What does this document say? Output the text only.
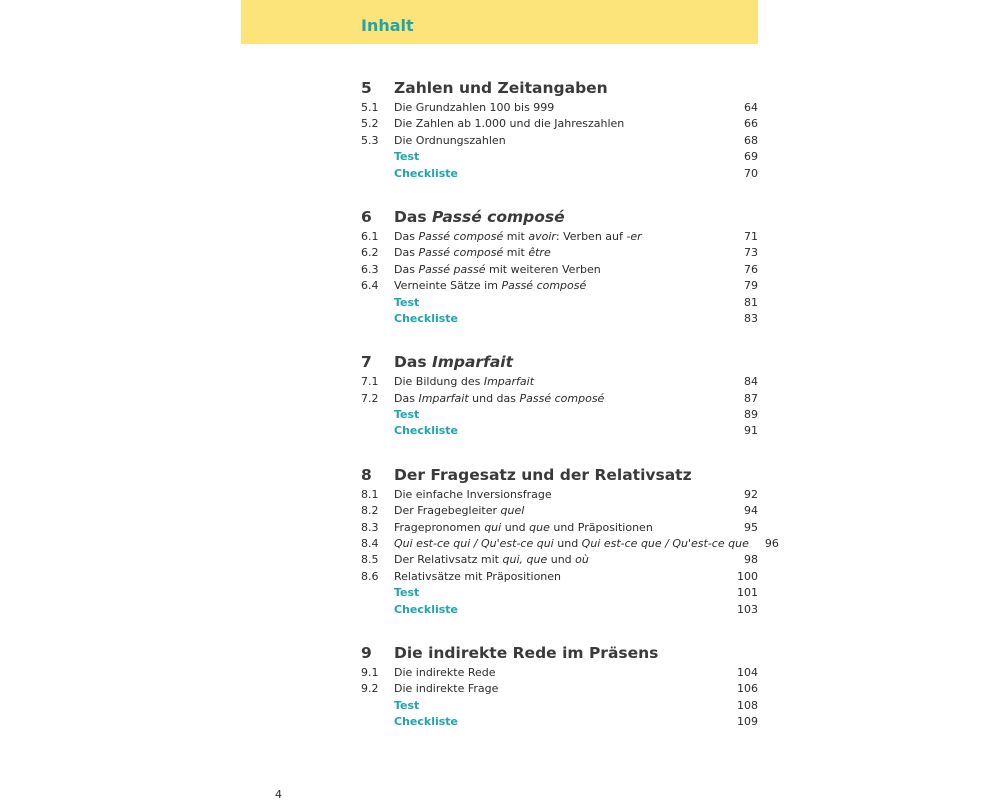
Inhalt
5	Zahlen und Zeitangaben
5.1	Die Grundzahlen 100 bis 999	64
5.2	Die Zahlen ab 1.000 und die Jahreszahlen	66
5.3	Die Ordnungszahlen	68
Test	69
Checkliste	70
6	Das Passé composé
6.1	Das Passé composé mit avoir: Verben auf -er	71
6.2	Das Passé composé mit être	73
6.3	Das Passé passé mit weiteren Verben	76
6.4	Verneinte Sätze im Passé composé	79
Test	81
Checkliste	83
7	Das Imparfait
7.1	Die Bildung des Imparfait	84
7.2	Das Imparfait und das Passé composé	87
Test	89
Checkliste	91
8	Der Fragesatz und der Relativsatz
8.1	Die einfache Inversionsfrage	92
8.2	Der Fragebegleiter quel	94
8.3	Fragepronomen qui und que und Präpositionen	95
8.4	Qui est-ce qui / Qu'est-ce qui und Qui est-ce que / Qu'est-ce que	96
8.5	Der Relativsatz mit qui, que und où	98
8.6	Relativsätze mit Präpositionen	100
Test	101
Checkliste	103
9	Die indirekte Rede im Präsens
9.1	Die indirekte Rede	104
9.2	Die indirekte Frage	106
Test	108
Checkliste	109
4
